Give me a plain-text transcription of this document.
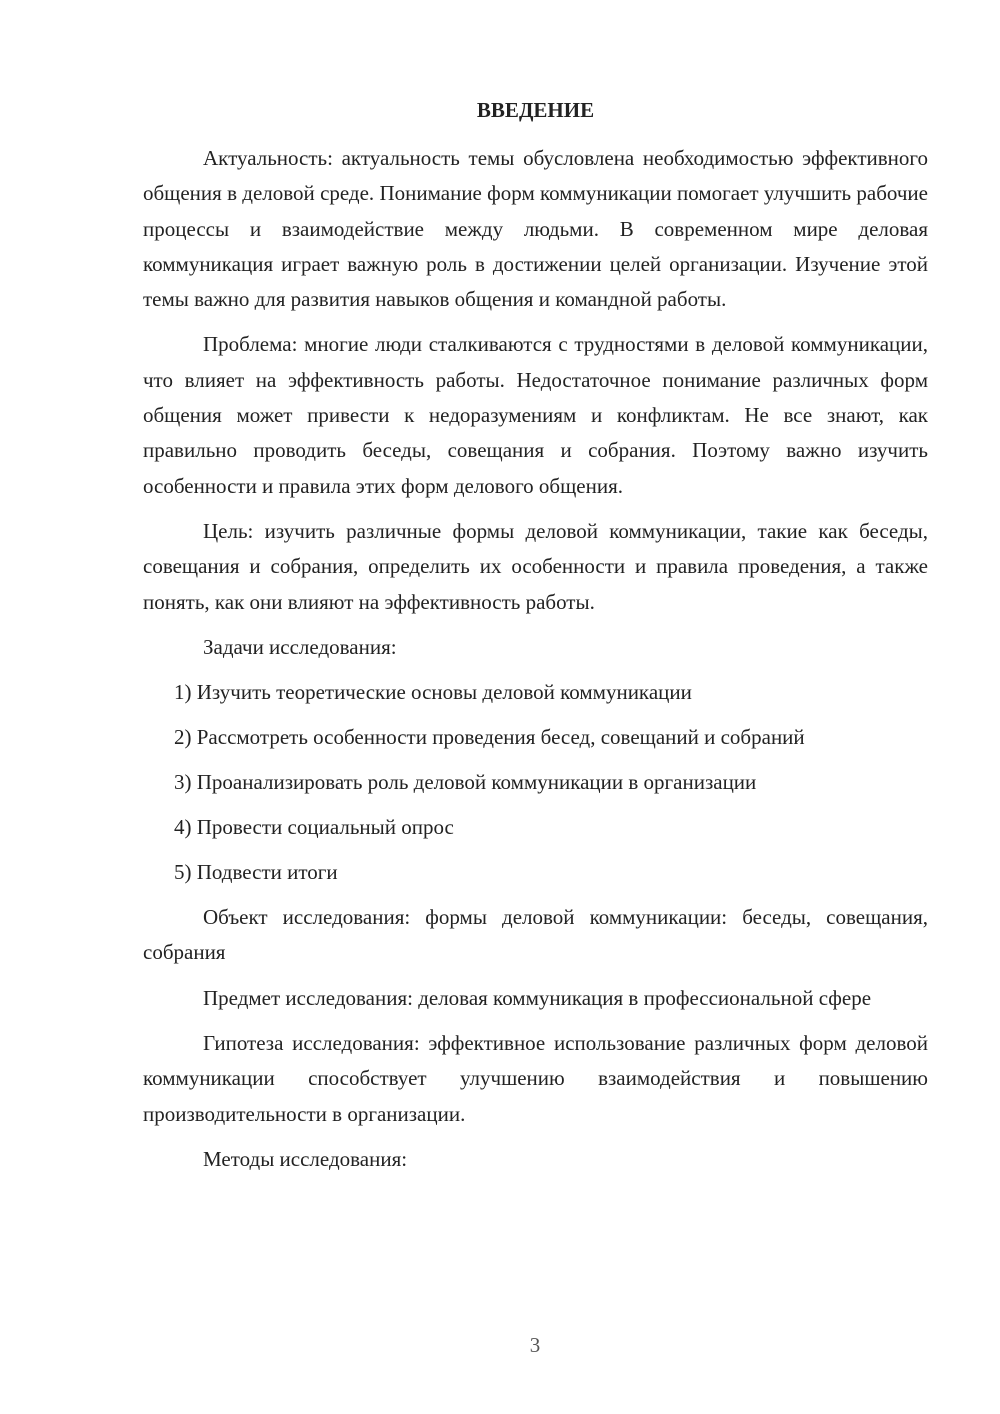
ВВЕДЕНИЕ

Актуальность: актуальность темы обусловлена необходимостью эффективного общения в деловой среде. Понимание форм коммуникации помогает улучшить рабочие процессы и взаимодействие между людьми. В современном мире деловая коммуникация играет важную роль в достижении целей организации. Изучение этой темы важно для развития навыков общения и командной работы.

Проблема: многие люди сталкиваются с трудностями в деловой коммуникации, что влияет на эффективность работы. Недостаточное понимание различных форм общения может привести к недоразумениям и конфликтам. Не все знают, как правильно проводить беседы, совещания и собрания. Поэтому важно изучить особенности и правила этих форм делового общения.

Цель: изучить различные формы деловой коммуникации, такие как беседы, совещания и собрания, определить их особенности и правила проведения, а также понять, как они влияют на эффективность работы.

Задачи исследования:

1) Изучить теоретические основы деловой коммуникации
2) Рассмотреть особенности проведения бесед, совещаний и собраний
3) Проанализировать роль деловой коммуникации в организации
4) Провести социальный опрос
5) Подвести итоги

Объект исследования: формы деловой коммуникации: беседы, совещания, собрания

Предмет исследования: деловая коммуникация в профессиональной сфере

Гипотеза исследования: эффективное использование различных форм деловой коммуникации способствует улучшению взаимодействия и повышению производительности в организации.

Методы исследования:

3
